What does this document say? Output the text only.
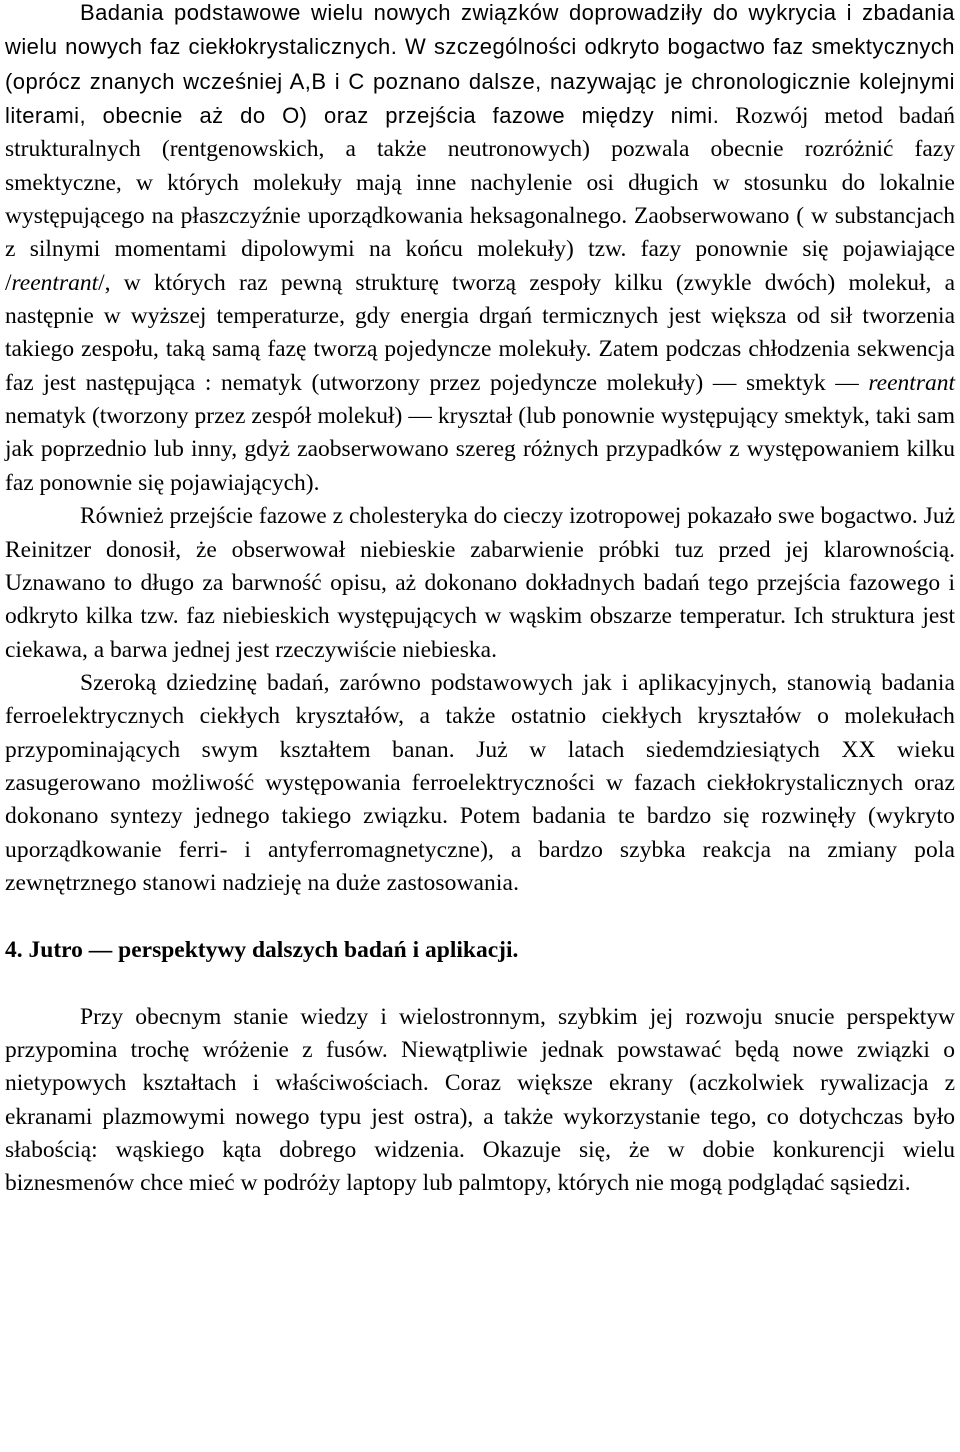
Badania podstawowe wielu nowych związków doprowadziły do wykrycia i zbadania wielu nowych faz ciekłokrystalicznych. W szczególności odkryto bogactwo faz smektycznych (oprócz znanych wcześniej A,B i C poznano dalsze, nazywając je chronologicznie kolejnymi literami, obecnie aż do O) oraz przejścia fazowe między nimi. Rozwój metod badań strukturalnych (rentgenowskich, a także neutronowych) pozwala obecnie rozróżnić fazy smektyczne, w których molekuły mają inne nachylenie osi długich w stosunku do lokalnie występującego na płaszczyźnie uporządkowania heksagonalnego. Zaobserwowano ( w substancjach z silnymi momentami dipolowymi na końcu molekuły) tzw. fazy ponownie się pojawiające /reentrant/, w których raz pewną strukturę tworzą zespoły kilku (zwykle dwóch) molekuł, a następnie w wyższej temperaturze, gdy energia drgań termicznych jest większa od sił tworzenia takiego zespołu, taką samą fazę tworzą pojedyncze molekuły. Zatem podczas chłodzenia sekwencja faz jest następująca : nematyk (utworzony przez pojedyncze molekuły) — smektyk — reentrant nematyk (tworzony przez zespół molekuł) — kryształ (lub ponownie występujący smektyk, taki sam jak poprzednio lub inny, gdyż zaobserwowano szereg różnych przypadków z występowaniem kilku faz ponownie się pojawiających).

Również przejście fazowe z cholesteryka do cieczy izotropowej pokazało swe bogactwo. Już Reinitzer donosił, że obserwował niebieskie zabarwienie próbki tuz przed jej klarownością. Uznawano to długo za barwność opisu, aż dokonano dokładnych badań tego przejścia fazowego i odkryto kilka tzw. faz niebieskich występujących w wąskim obszarze temperatur. Ich struktura jest ciekawa, a barwa jednej jest rzeczywiście niebieska.

Szeroką dziedzinę badań, zarówno podstawowych jak i aplikacyjnych, stanowią badania ferroelektrycznych ciekłych kryształów, a także ostatnio ciekłych kryształów o molekułach przypominających swym kształtem banan. Już w latach siedemdziesiątych XX wieku zasugerowano możliwość występowania ferroelektryczności w fazach ciekłokrystalicznych oraz dokonano syntezy jednego takiego związku. Potem badania te bardzo się rozwinęły (wykryto uporządkowanie ferri- i antyferromagnetyczne), a bardzo szybka reakcja na zmiany pola zewnętrznego stanowi nadzieję na duże zastosowania.

4. Jutro — perspektywy dalszych badań i aplikacji.

Przy obecnym stanie wiedzy i wielostronnym, szybkim jej rozwoju snucie perspektyw przypomina trochę wróżenie z fusów. Niewątpliwie jednak powstawać będą nowe związki o nietypowych kształtach i właściwościach. Coraz większe ekrany (aczkolwiek rywalizacja z ekranami plazmowymi nowego typu jest ostra), a także wykorzystanie tego, co dotychczas było słabością: wąskiego kąta dobrego widzenia. Okazuje się, że w dobie konkurencji wielu biznesmenów chce mieć w podróży laptopy lub palmtopy, których nie mogą podglądać sąsiedzi.
